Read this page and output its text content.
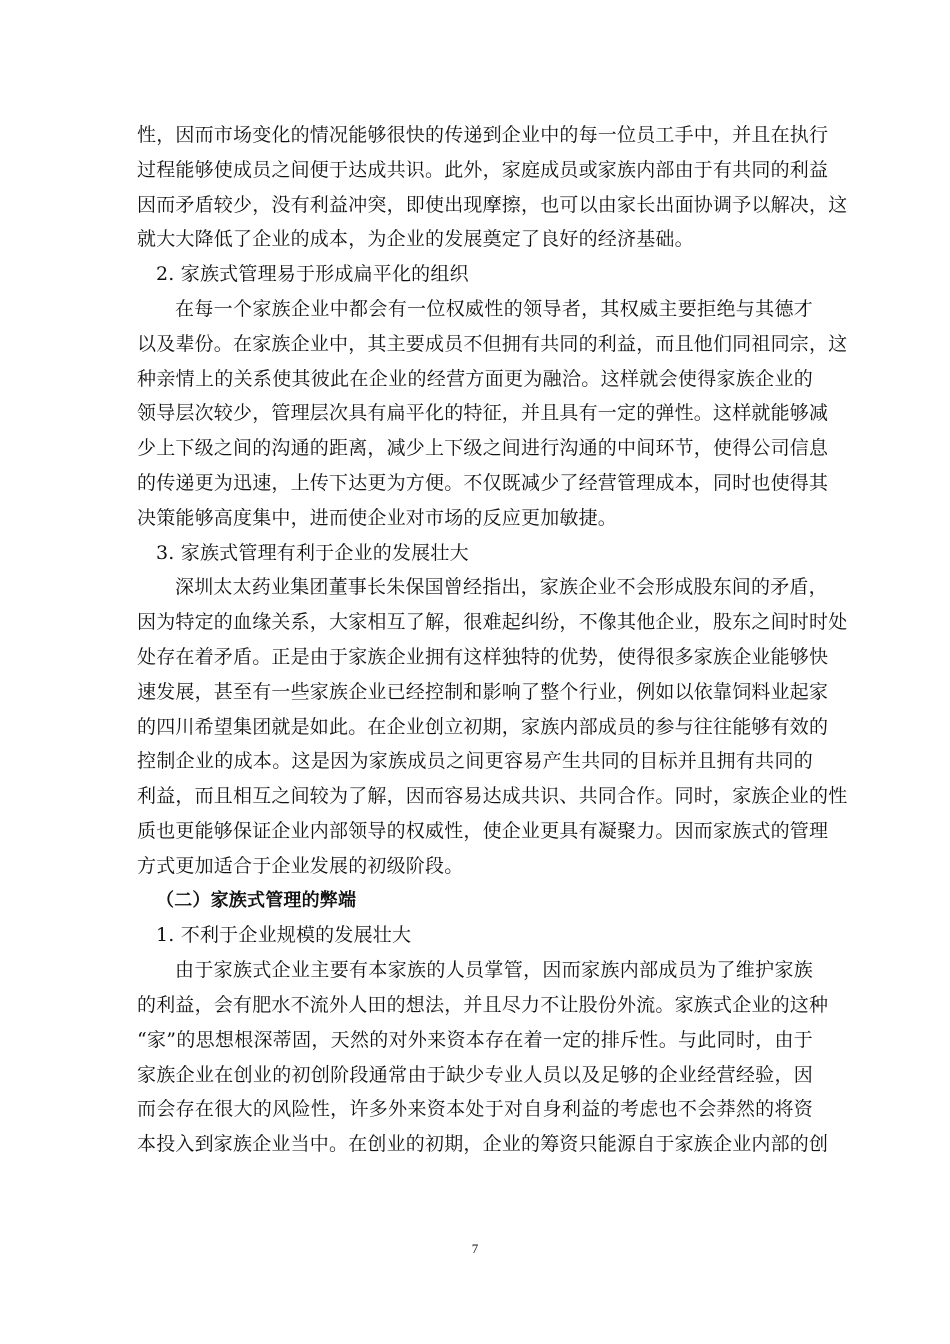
性，因而市场变化的情况能够很快的传递到企业中的每一位员工手中，并且在执行
过程能够使成员之间便于达成共识。此外，家庭成员或家族内部由于有共同的利益
因而矛盾较少，没有利益冲突，即使出现摩擦，也可以由家长出面协调予以解决，这
就大大降低了企业的成本，为企业的发展奠定了良好的经济基础。
2. 家族式管理易于形成扁平化的组织
在每一个家族企业中都会有一位权威性的领导者，其权威主要拒绝与其德才
以及辈份。在家族企业中，其主要成员不但拥有共同的利益，而且他们同祖同宗，这
种亲情上的关系使其彼此在企业的经营方面更为融洽。这样就会使得家族企业的
领导层次较少，管理层次具有扁平化的特征，并且具有一定的弹性。这样就能够减
少上下级之间的沟通的距离，减少上下级之间进行沟通的中间环节，使得公司信息
的传递更为迅速，上传下达更为方便。不仅既减少了经营管理成本，同时也使得其
决策能够高度集中，进而使企业对市场的反应更加敏捷。
3. 家族式管理有利于企业的发展壮大
深圳太太药业集团董事长朱保国曾经指出，家族企业不会形成股东间的矛盾，
因为特定的血缘关系，大家相互了解，很难起纠纷，不像其他企业，股东之间时时处
处存在着矛盾。正是由于家族企业拥有这样独特的优势，使得很多家族企业能够快
速发展，甚至有一些家族企业已经控制和影响了整个行业，例如以依靠饲料业起家
的四川希望集团就是如此。在企业创立初期，家族内部成员的参与往往能够有效的
控制企业的成本。这是因为家族成员之间更容易产生共同的目标并且拥有共同的
利益，而且相互之间较为了解，因而容易达成共识、共同合作。同时，家族企业的性
质也更能够保证企业内部领导的权威性，使企业更具有凝聚力。因而家族式的管理
方式更加适合于企业发展的初级阶段。
（二）家族式管理的弊端
1. 不利于企业规模的发展壮大
由于家族式企业主要有本家族的人员掌管，因而家族内部成员为了维护家族
的利益，会有肥水不流外人田的想法，并且尽力不让股份外流。家族式企业的这种
“家”的思想根深蒂固，天然的对外来资本存在着一定的排斥性。与此同时，由于
家族企业在创业的初创阶段通常由于缺少专业人员以及足够的企业经营经验，因
而会存在很大的风险性，许多外来资本处于对自身利益的考虑也不会莽然的将资
本投入到家族企业当中。在创业的初期，企业的筹资只能源自于家族企业内部的创
7
